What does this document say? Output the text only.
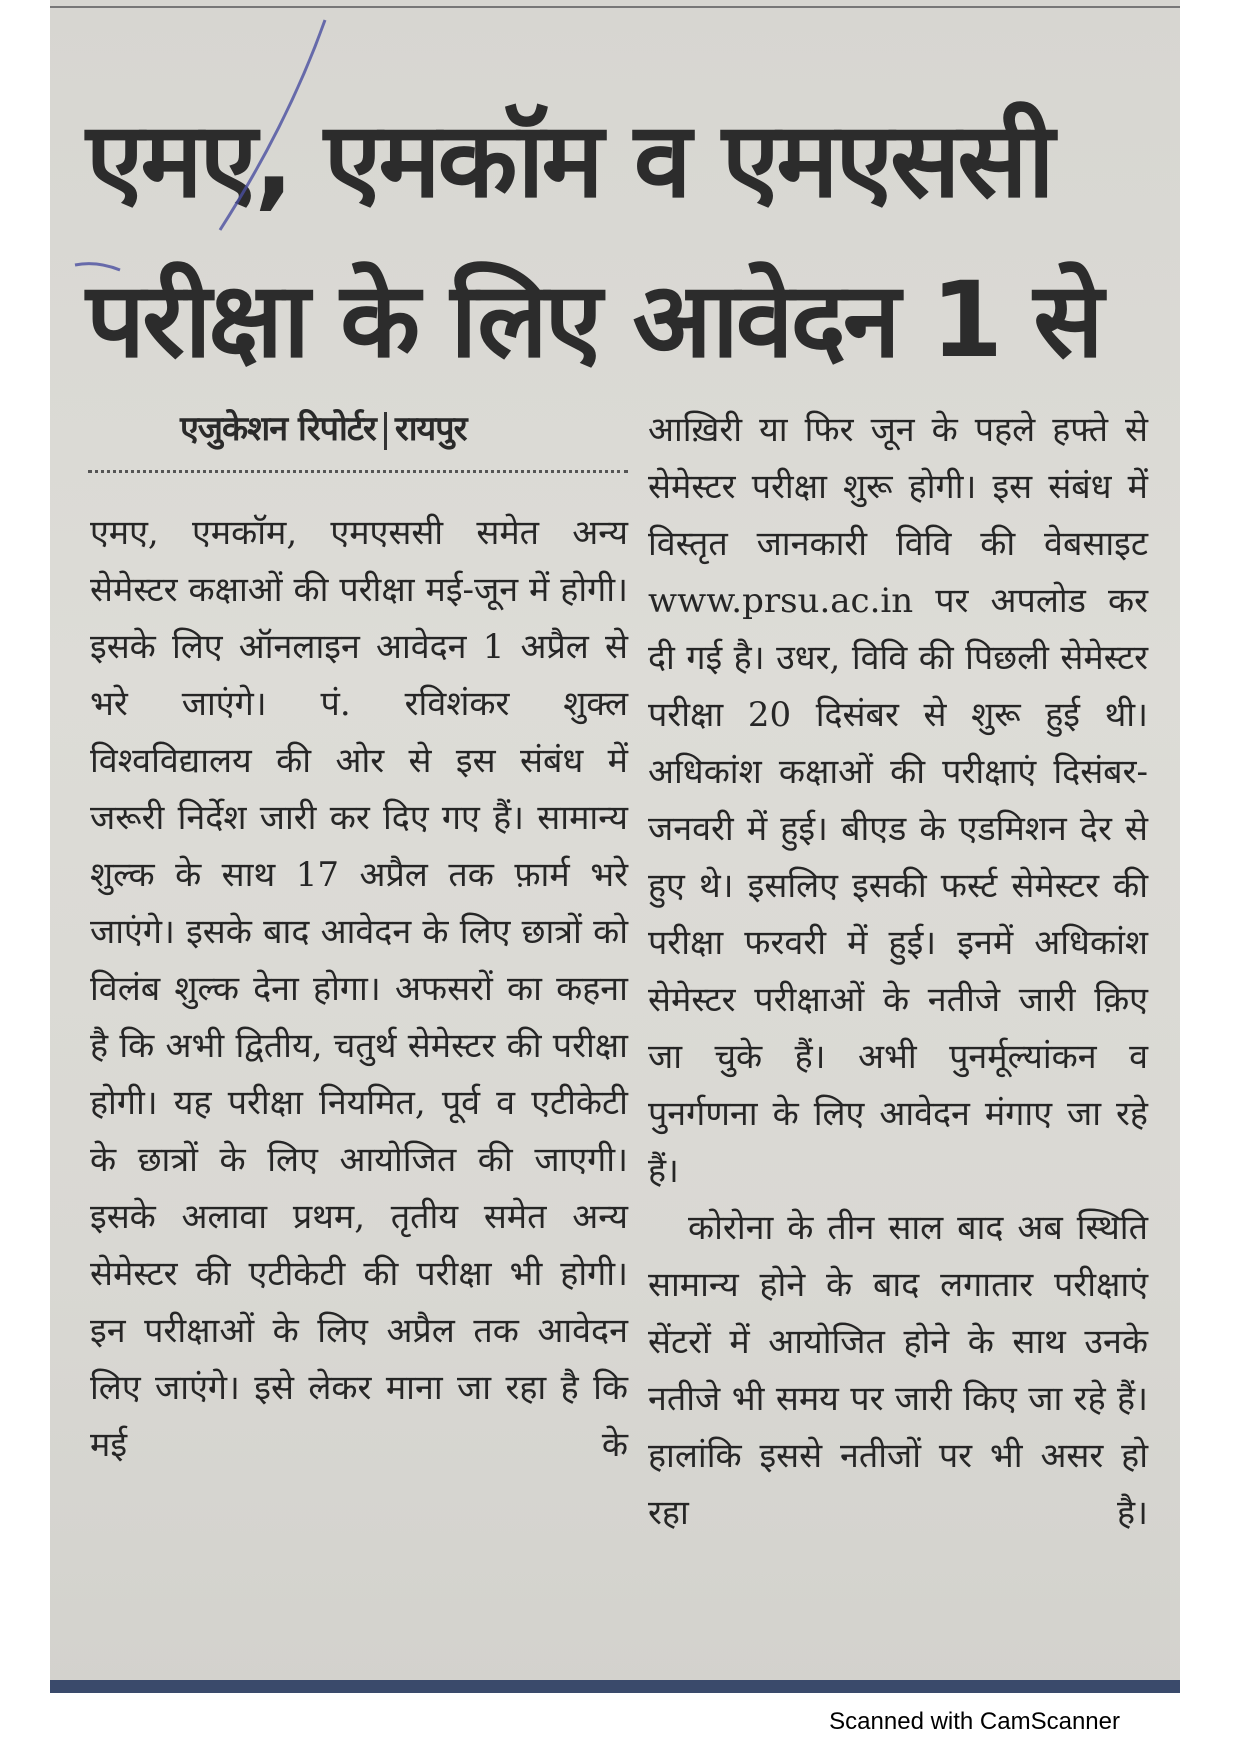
एमए, एमकॉम व एमएससी
परीक्षा के लिए आवेदन 1 से
एजुकेशन रिपोर्टर रायपुर

एमए, एमकॉम, एमएससी समेत अन्य सेमेस्टर कक्षाओं की परीक्षा मई-जून में होगी। इसके लिए ऑनलाइन आवेदन 1 अप्रैल से भरे जाएंगे। पं. रविशंकर शुक्ल विश्वविद्यालय की ओर से इस संबंध में जरूरी निर्देश जारी कर दिए गए हैं। सामान्य शुल्क के साथ 17 अप्रैल तक फ़ार्म भरे जाएंगे। इसके बाद आवेदन के लिए छात्रों को विलंब शुल्क देना होगा। अफसरों का कहना है कि अभी द्वितीय, चतुर्थ सेमेस्टर की परीक्षा होगी। यह परीक्षा नियमित, पूर्व व एटीकेटी के छात्रों के लिए आयोजित की जाएगी। इसके अलावा प्रथम, तृतीय समेत अन्य सेमेस्टर की एटीकेटी की परीक्षा भी होगी। इन परीक्षाओं के लिए अप्रैल तक आवेदन लिए जाएंगे। इसे लेकर माना जा रहा है कि मई के

आख़िरी या फिर जून के पहले हफ्ते से सेमेस्टर परीक्षा शुरू होगी। इस संबंध में विस्तृत जानकारी विवि की वेबसाइट www.prsu.ac.in पर अपलोड कर दी गई है। उधर, विवि की पिछली सेमेस्टर परीक्षा 20 दिसंबर से शुरू हुई थी। अधिकांश कक्षाओं की परीक्षाएं दिसंबर-जनवरी में हुई। बीएड के एडमिशन देर से हुए थे। इसलिए इसकी फर्स्ट सेमेस्टर की परीक्षा फरवरी में हुई। इनमें अधिकांश सेमेस्टर परीक्षाओं के नतीजे जारी क़िए जा चुके हैं। अभी पुनर्मूल्यांकन व पुनर्गणना के लिए आवेदन मंगाए जा रहे हैं।

कोरोना के तीन साल बाद अब स्थिति सामान्य होने के बाद लगातार परीक्षाएं सेंटरों में आयोजित होने के साथ उनके नतीजे भी समय पर जारी किए जा रहे हैं। हालांकि इससे नतीजों पर भी असर हो रहा है।

Scanned with CamScanner
